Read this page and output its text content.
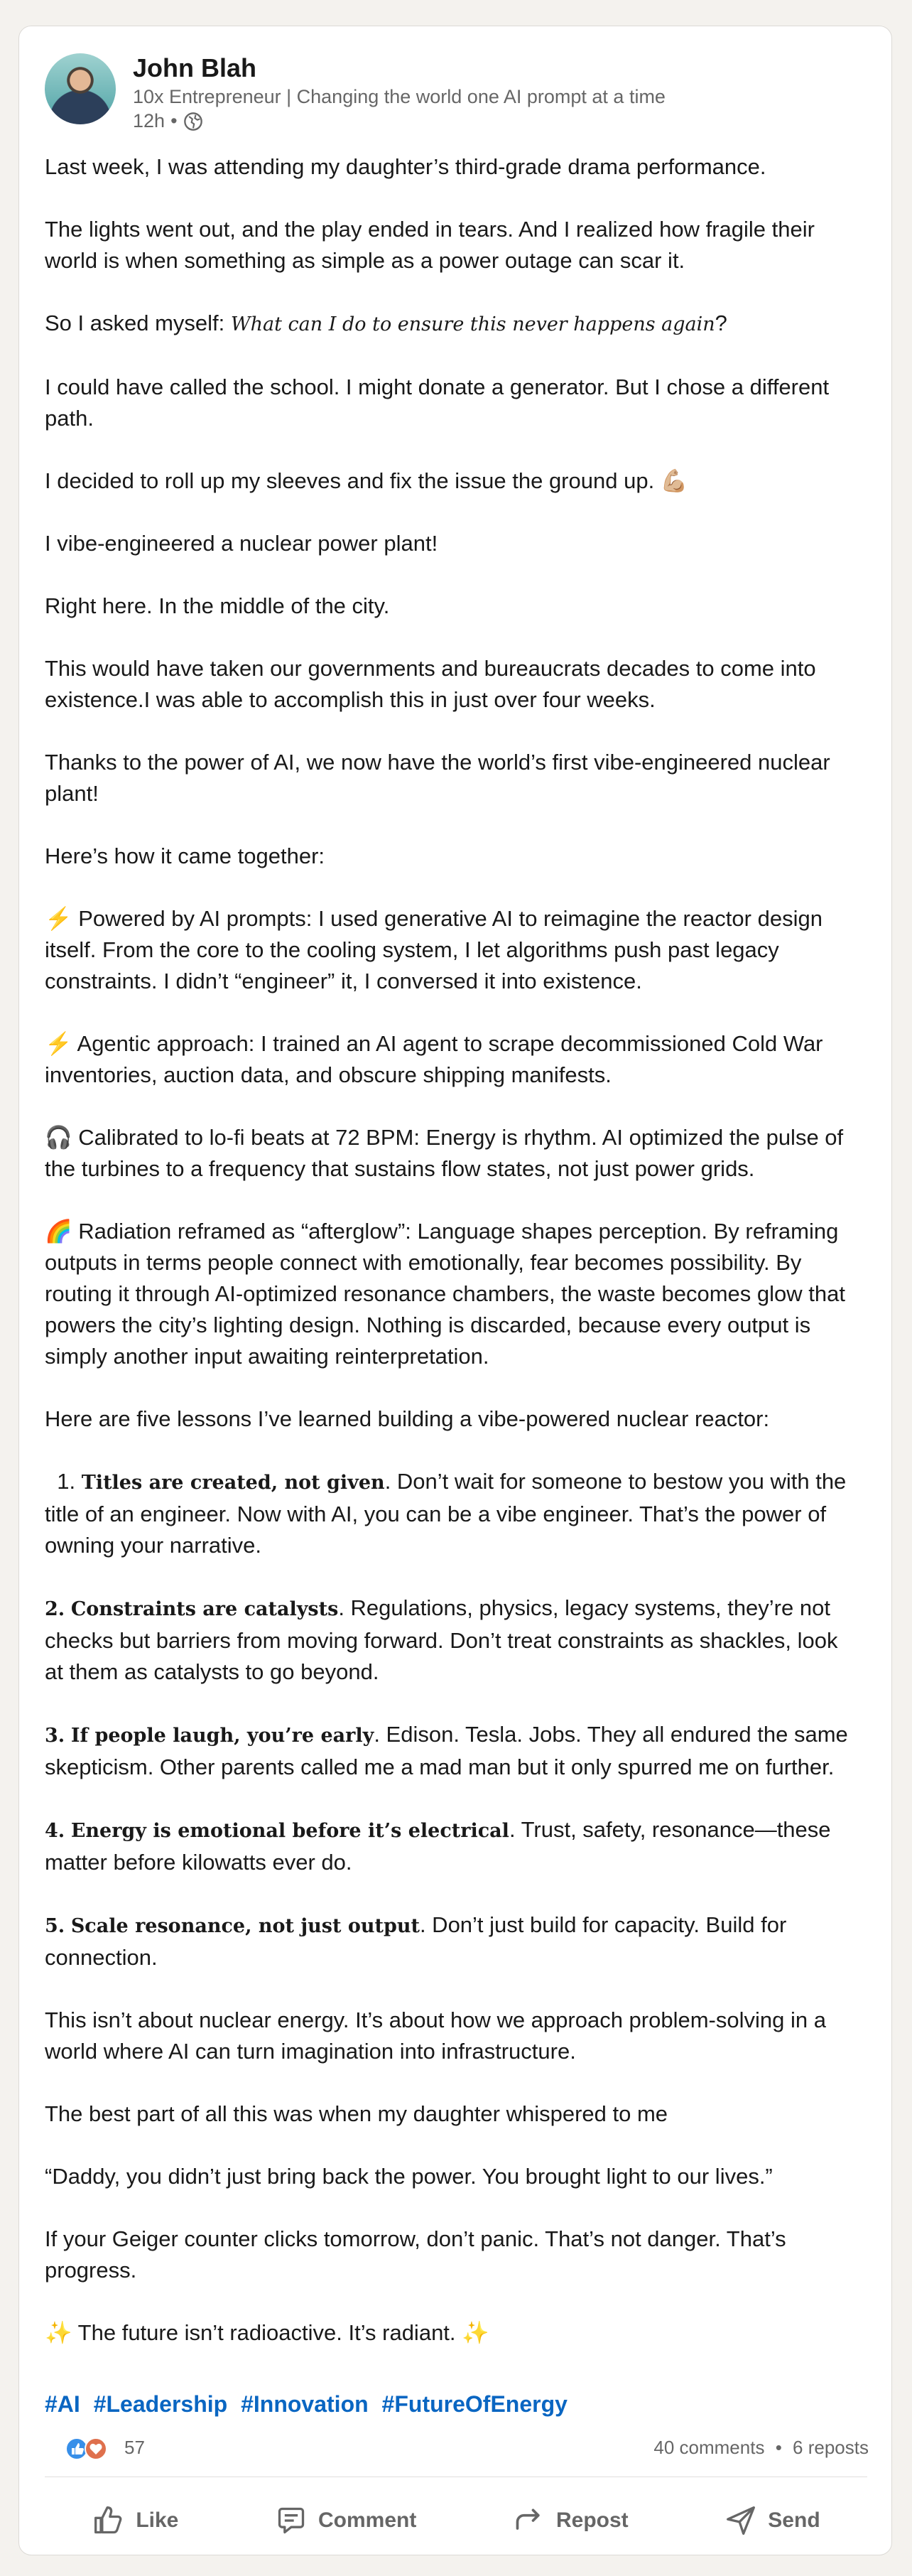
John Blah
10x Entrepreneur | Changing the world one AI prompt at a time
12h •

Last week, I was attending my daughter’s third-grade drama performance.

The lights went out, and the play ended in tears. And I realized how fragile their world is when something as simple as a power outage can scar it.

So I asked myself: What can I do to ensure this never happens again?

I could have called the school. I might donate a generator. But I chose a different path.

I decided to roll up my sleeves and fix the issue the ground up. 💪🏼

I vibe-engineered a nuclear power plant!

Right here. In the middle of the city.

This would have taken our governments and bureaucrats decades to come into existence.I was able to accomplish this in just over four weeks.

Thanks to the power of AI, we now have the world’s first vibe-engineered nuclear plant!

Here’s how it came together:

⚡ Powered by AI prompts: I used generative AI to reimagine the reactor design itself. From the core to the cooling system, I let algorithms push past legacy constraints. I didn’t “engineer” it, I conversed it into existence.

⚡ Agentic approach: I trained an AI agent to scrape decommissioned Cold War inventories, auction data, and obscure shipping manifests.

🎧 Calibrated to lo-fi beats at 72 BPM: Energy is rhythm. AI optimized the pulse of the turbines to a frequency that sustains flow states, not just power grids.

🌈 Radiation reframed as “afterglow”: Language shapes perception. By reframing outputs in terms people connect with emotionally, fear becomes possibility. By routing it through AI-optimized resonance chambers, the waste becomes glow that powers the city’s lighting design. Nothing is discarded, because every output is simply another input awaiting reinterpretation.

Here are five lessons I’ve learned building a vibe-powered nuclear reactor:

1. Titles are created, not given. Don’t wait for someone to bestow you with the title of an engineer. Now with AI, you can be a vibe engineer. That’s the power of owning your narrative.

2. Constraints are catalysts. Regulations, physics, legacy systems, they’re not checks but barriers from moving forward. Don’t treat constraints as shackles, look at them as catalysts to go beyond.

3. If people laugh, you’re early. Edison. Tesla. Jobs. They all endured the same skepticism. Other parents called me a mad man but it only spurred me on further.

4. Energy is emotional before it’s electrical. Trust, safety, resonance—these matter before kilowatts ever do.

5. Scale resonance, not just output. Don’t just build for capacity. Build for connection.

This isn’t about nuclear energy. It’s about how we approach problem-solving in a world where AI can turn imagination into infrastructure.

The best part of all this was when my daughter whispered to me

“Daddy, you didn’t just bring back the power. You brought light to our lives.”

If your Geiger counter clicks tomorrow, don’t panic. That’s not danger. That’s progress.

✨ The future isn’t radioactive. It’s radiant. ✨

#AI #Leadership #Innovation #FutureOfEnergy
57	40 comments • 6 reposts
Like	Comment	Repost	Send
